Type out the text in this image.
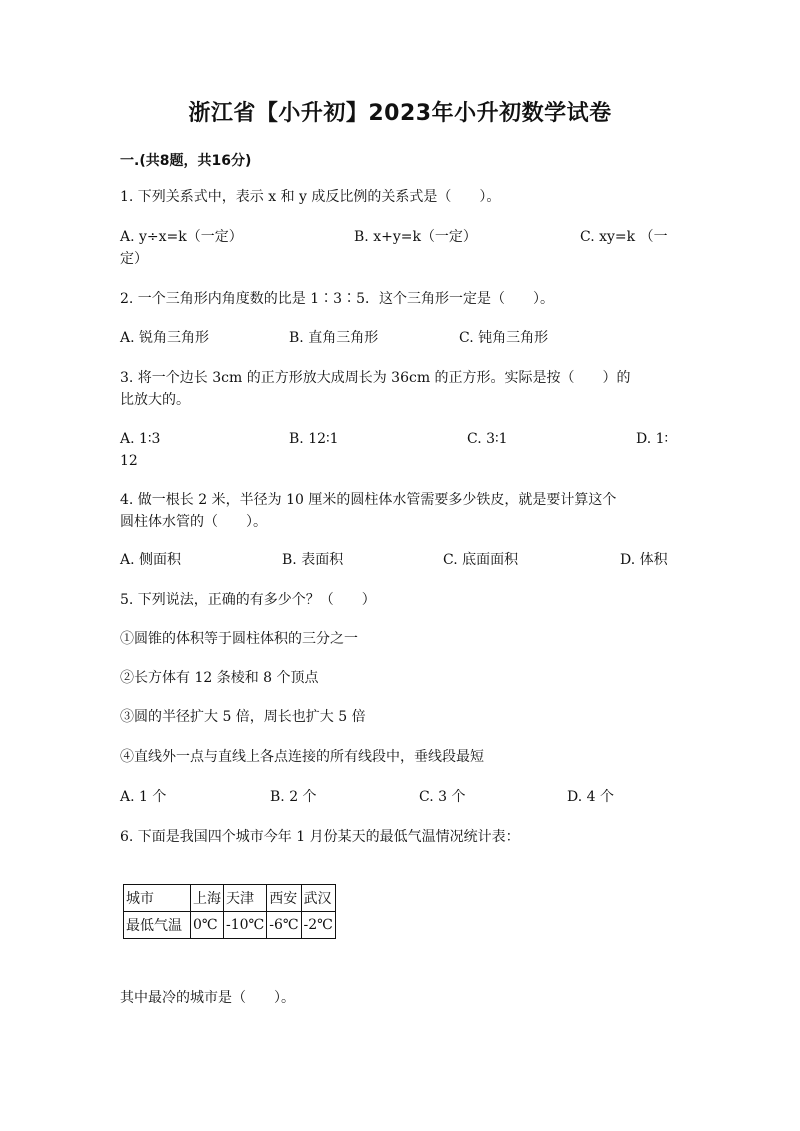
浙江省【小升初】2023年小升初数学试卷
一.(共8题，共16分)
1. 下列关系式中，表示 x 和 y 成反比例的关系式是（　　）。
A. y÷x=k（一定）	B. x+y=k（一定）	C. xy=k （一
定）
2. 一个三角形内角度数的比是 1∶3∶5．这个三角形一定是（　　）。
A. 锐角三角形	B. 直角三角形	C. 钝角三角形
3. 将一个边长 3cm 的正方形放大成周长为 36cm 的正方形。实际是按（　　）的
比放大的。
A. 1∶3	B. 12∶1	C. 3∶1	D. 1∶
12
4. 做一根长 2 米，半径为 10 厘米的圆柱体水管需要多少铁皮，就是要计算这个
圆柱体水管的（　　）。
A. 侧面积	B. 表面积	C. 底面面积	D. 体积
5. 下列说法，正确的有多少个？（　　）
①圆锥的体积等于圆柱体积的三分之一
②长方体有 12 条棱和 8 个顶点
③圆的半径扩大 5 倍，周长也扩大 5 倍
④直线外一点与直线上各点连接的所有线段中，垂线段最短
A. 1 个	B. 2 个	C. 3 个	D. 4 个
6. 下面是我国四个城市今年 1 月份某天的最低气温情况统计表：
城市	上海	天津	西安	武汉
最低气温	0℃	-10℃	-6℃	-2℃
其中最冷的城市是（　　）。
